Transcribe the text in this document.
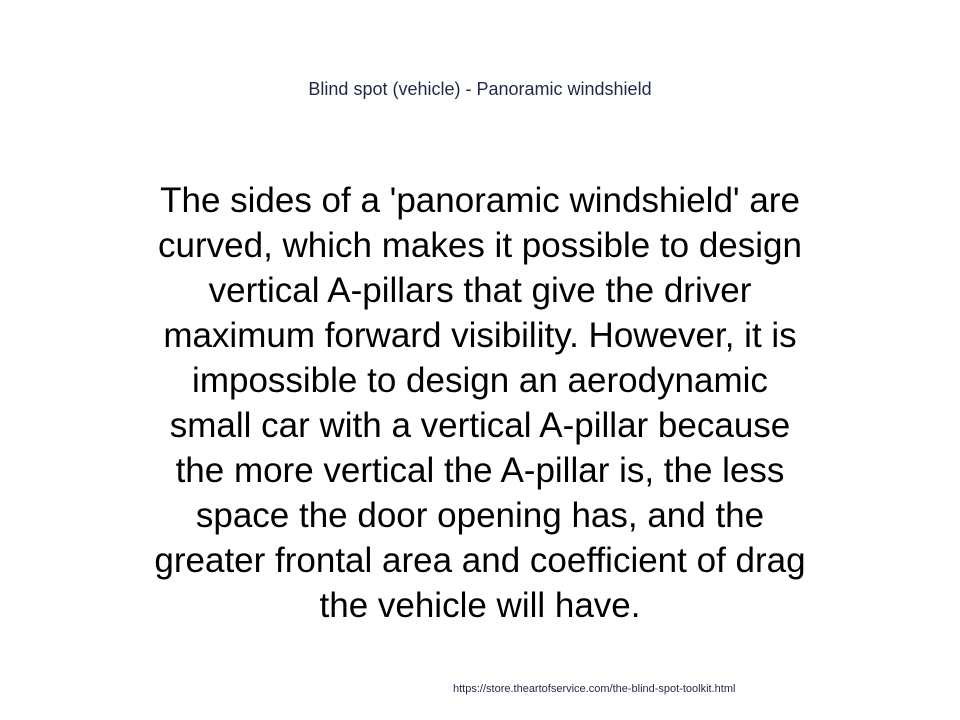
Blind spot (vehicle) - Panoramic windshield
The sides of a 'panoramic windshield' are
curved, which makes it possible to design
vertical A-pillars that give the driver
maximum forward visibility. However, it is
impossible to design an aerodynamic
small car with a vertical A-pillar because
the more vertical the A-pillar is, the less
space the door opening has, and the
greater frontal area and coefficient of drag
the vehicle will have.
https://store.theartofservice.com/the-blind-spot-toolkit.html
